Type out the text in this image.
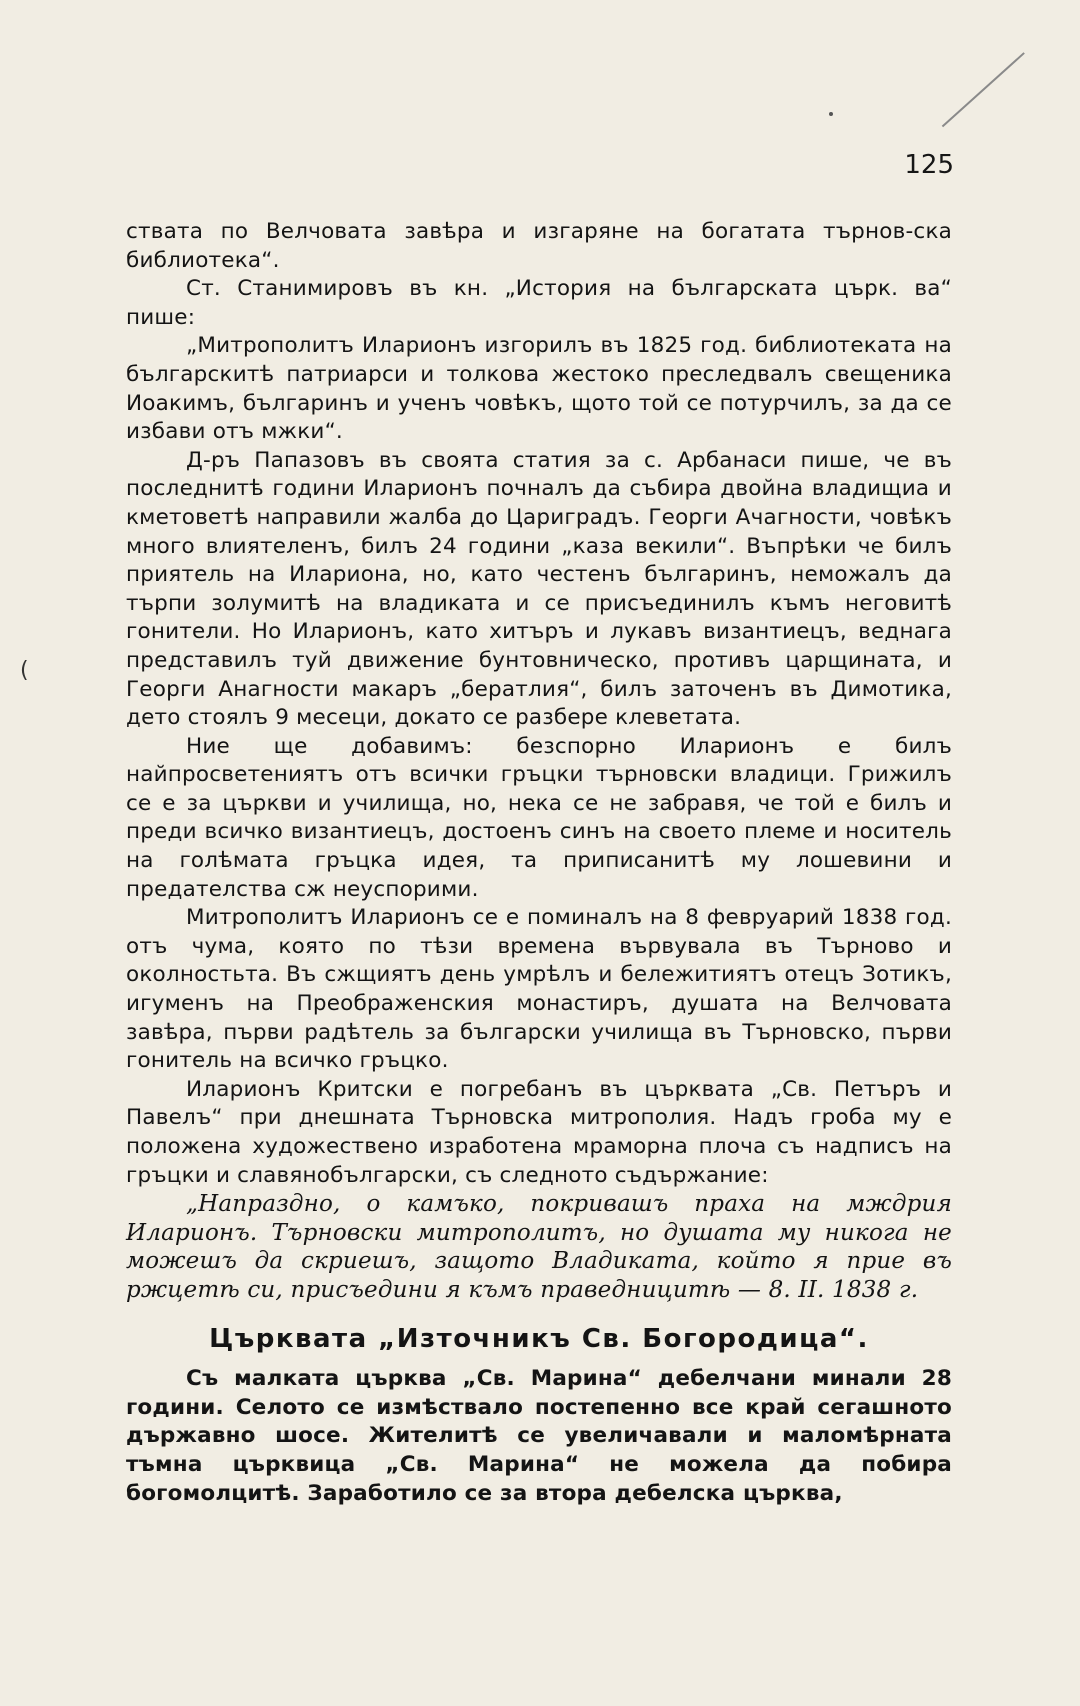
125
(

ствата по Велчовата завѣра и изгаряне на богатата търнов-ска библиотека“.

Ст. Станимировъ въ кн. „История на българската църк. ва“ пише:

„Митрополитъ Иларионъ изгорилъ въ 1825 год. библиотеката на българскитѣ патриарси и толкова жестоко преследвалъ свещеника Иоакимъ, българинъ и ученъ човѣкъ, щото той се потурчилъ, за да се избави отъ мжки“.

Д-ръ Папазовъ въ своята статия за с. Арбанаси пише, че въ последнитѣ години Иларионъ почналъ да събира двойна владищиа и кметоветѣ направили жалба до Цариградъ. Георги Ачагности, човѣкъ много влиятеленъ, билъ 24 години „каза векили“. Въпрѣки че билъ приятель на Илариона, но, като честенъ българинъ, неможалъ да търпи золумитѣ на владиката и се присъединилъ къмъ неговитѣ гонители. Но Иларионъ, като хитъръ и лукавъ византиецъ, веднага представилъ туй движение бунтовническо, противъ царщината, и Георги Анагности макаръ „бератлия“, билъ заточенъ въ Димотика, дето стоялъ 9 месеци, докато се разбере клеветата.

Ние ще добавимъ: безспорно Иларионъ е билъ найпросветениятъ отъ всички гръцки търновски владици. Грижилъ се е за църкви и училища, но, нека се не забравя, че той е билъ и преди всичко византиецъ, достоенъ синъ на своето племе и носитель на голѣмата гръцка идея, та приписанитѣ му лошевини и предателства сж неуспорими.

Митрополитъ Иларионъ се е поминалъ на 8 февруарий 1838 год. отъ чума, която по тѣзи времена вървувала въ Търново и околностьта. Въ сжщиятъ день умрѣлъ и бележитиятъ отецъ Зотикъ, игуменъ на Преображенския монастиръ, душата на Велчовата завѣра, първи радѣтель за български училища въ Търновско, първи гонитель на всичко гръцко.

Иларионъ Критски е погребанъ въ църквата „Св. Петъръ и Павелъ“ при днешната Търновска митрополия. Надъ гроба му е положена художествено изработена мраморна плоча съ надписъ на гръцки и славянобългарски, съ следното съдържание:

„Напраздно, о камъко, покривашъ праха на мждрия Иларионъ. Търновски митрополитъ, но душата му никога не можешъ да скриешъ, защото Владиката, който я прие въ ржцетѣ си, присъедини я къмъ праведницитѣ — 8. II. 1838 г.

Църквата „Източникъ Св. Богородица“.

Съ малката църква „Св. Марина“ дебелчани минали 28 години. Селото се измѣствало постепенно все край сегашното държавно шосе. Жителитѣ се увеличавали и маломѣрната тъмна църквица „Св. Марина“ не можела да побира богомолцитѣ. Заработило се за втора дебелска църква,
